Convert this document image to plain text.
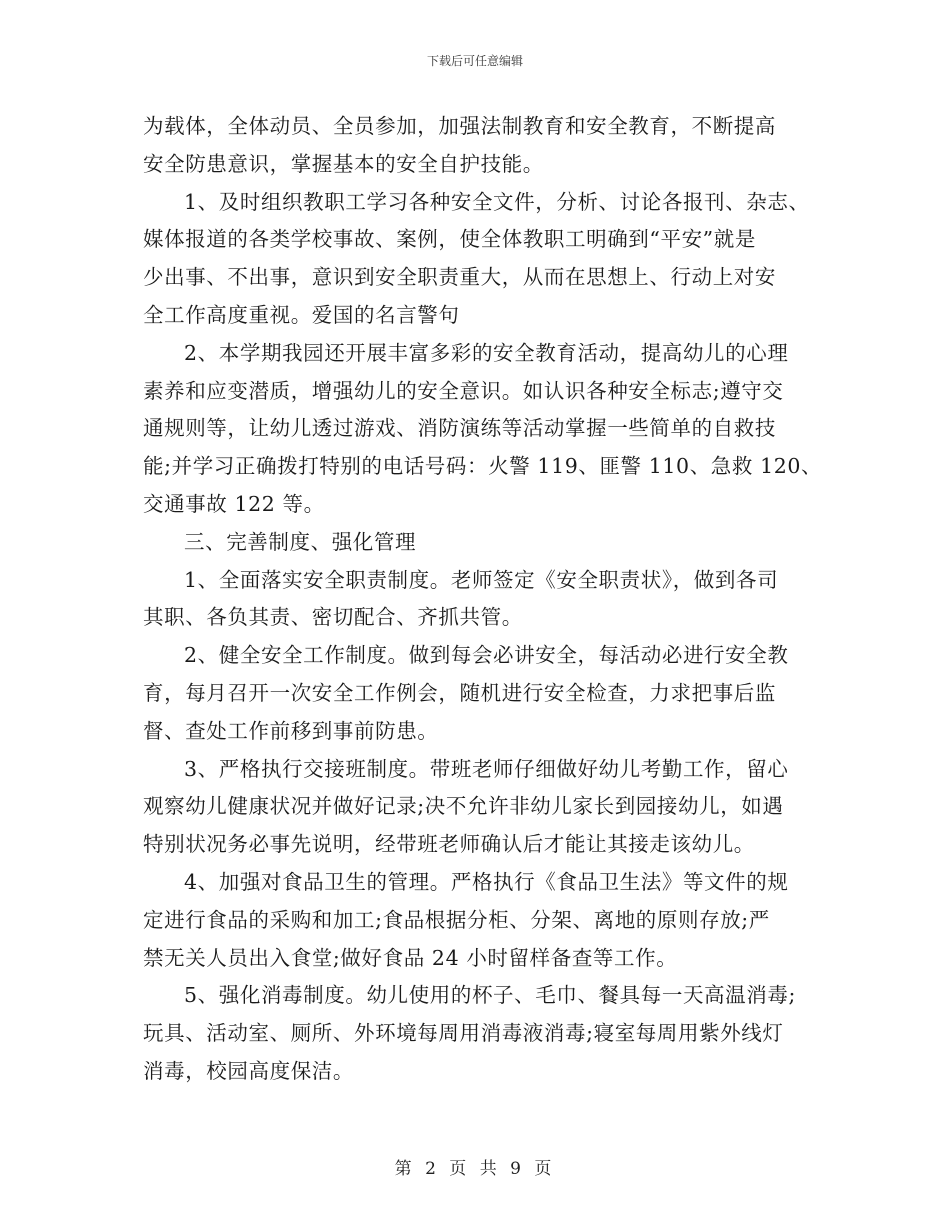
下载后可任意编辑
为载体，全体动员、全员参加，加强法制教育和安全教育，不断提高
安全防患意识，掌握基本的安全自护技能。
1、及时组织教职工学习各种安全文件，分析、讨论各报刊、杂志、
媒体报道的各类学校事故、案例，使全体教职工明确到“平安”就是
少出事、不出事，意识到安全职责重大，从而在思想上、行动上对安
全工作高度重视。爱国的名言警句
2、本学期我园还开展丰富多彩的安全教育活动，提高幼儿的心理
素养和应变潜质，增强幼儿的安全意识。如认识各种安全标志;遵守交
通规则等，让幼儿透过游戏、消防演练等活动掌握一些简单的自救技
能;并学习正确拨打特别的电话号码：火警 119、匪警 110、急救 120、
交通事故 122 等。
三、完善制度、强化管理
1、全面落实安全职责制度。老师签定《安全职责状》，做到各司
其职、各负其责、密切配合、齐抓共管。
2、健全安全工作制度。做到每会必讲安全，每活动必进行安全教
育，每月召开一次安全工作例会，随机进行安全检查，力求把事后监
督、查处工作前移到事前防患。
3、严格执行交接班制度。带班老师仔细做好幼儿考勤工作，留心
观察幼儿健康状况并做好记录;决不允许非幼儿家长到园接幼儿，如遇
特别状况务必事先说明，经带班老师确认后才能让其接走该幼儿。
4、加强对食品卫生的管理。严格执行《食品卫生法》等文件的规
定进行食品的采购和加工;食品根据分柜、分架、离地的原则存放;严
禁无关人员出入食堂;做好食品 24 小时留样备查等工作。
5、强化消毒制度。幼儿使用的杯子、毛巾、餐具每一天高温消毒;
玩具、活动室、厕所、外环境每周用消毒液消毒;寝室每周用紫外线灯
消毒，校园高度保洁。
第 2 页 共 9 页
